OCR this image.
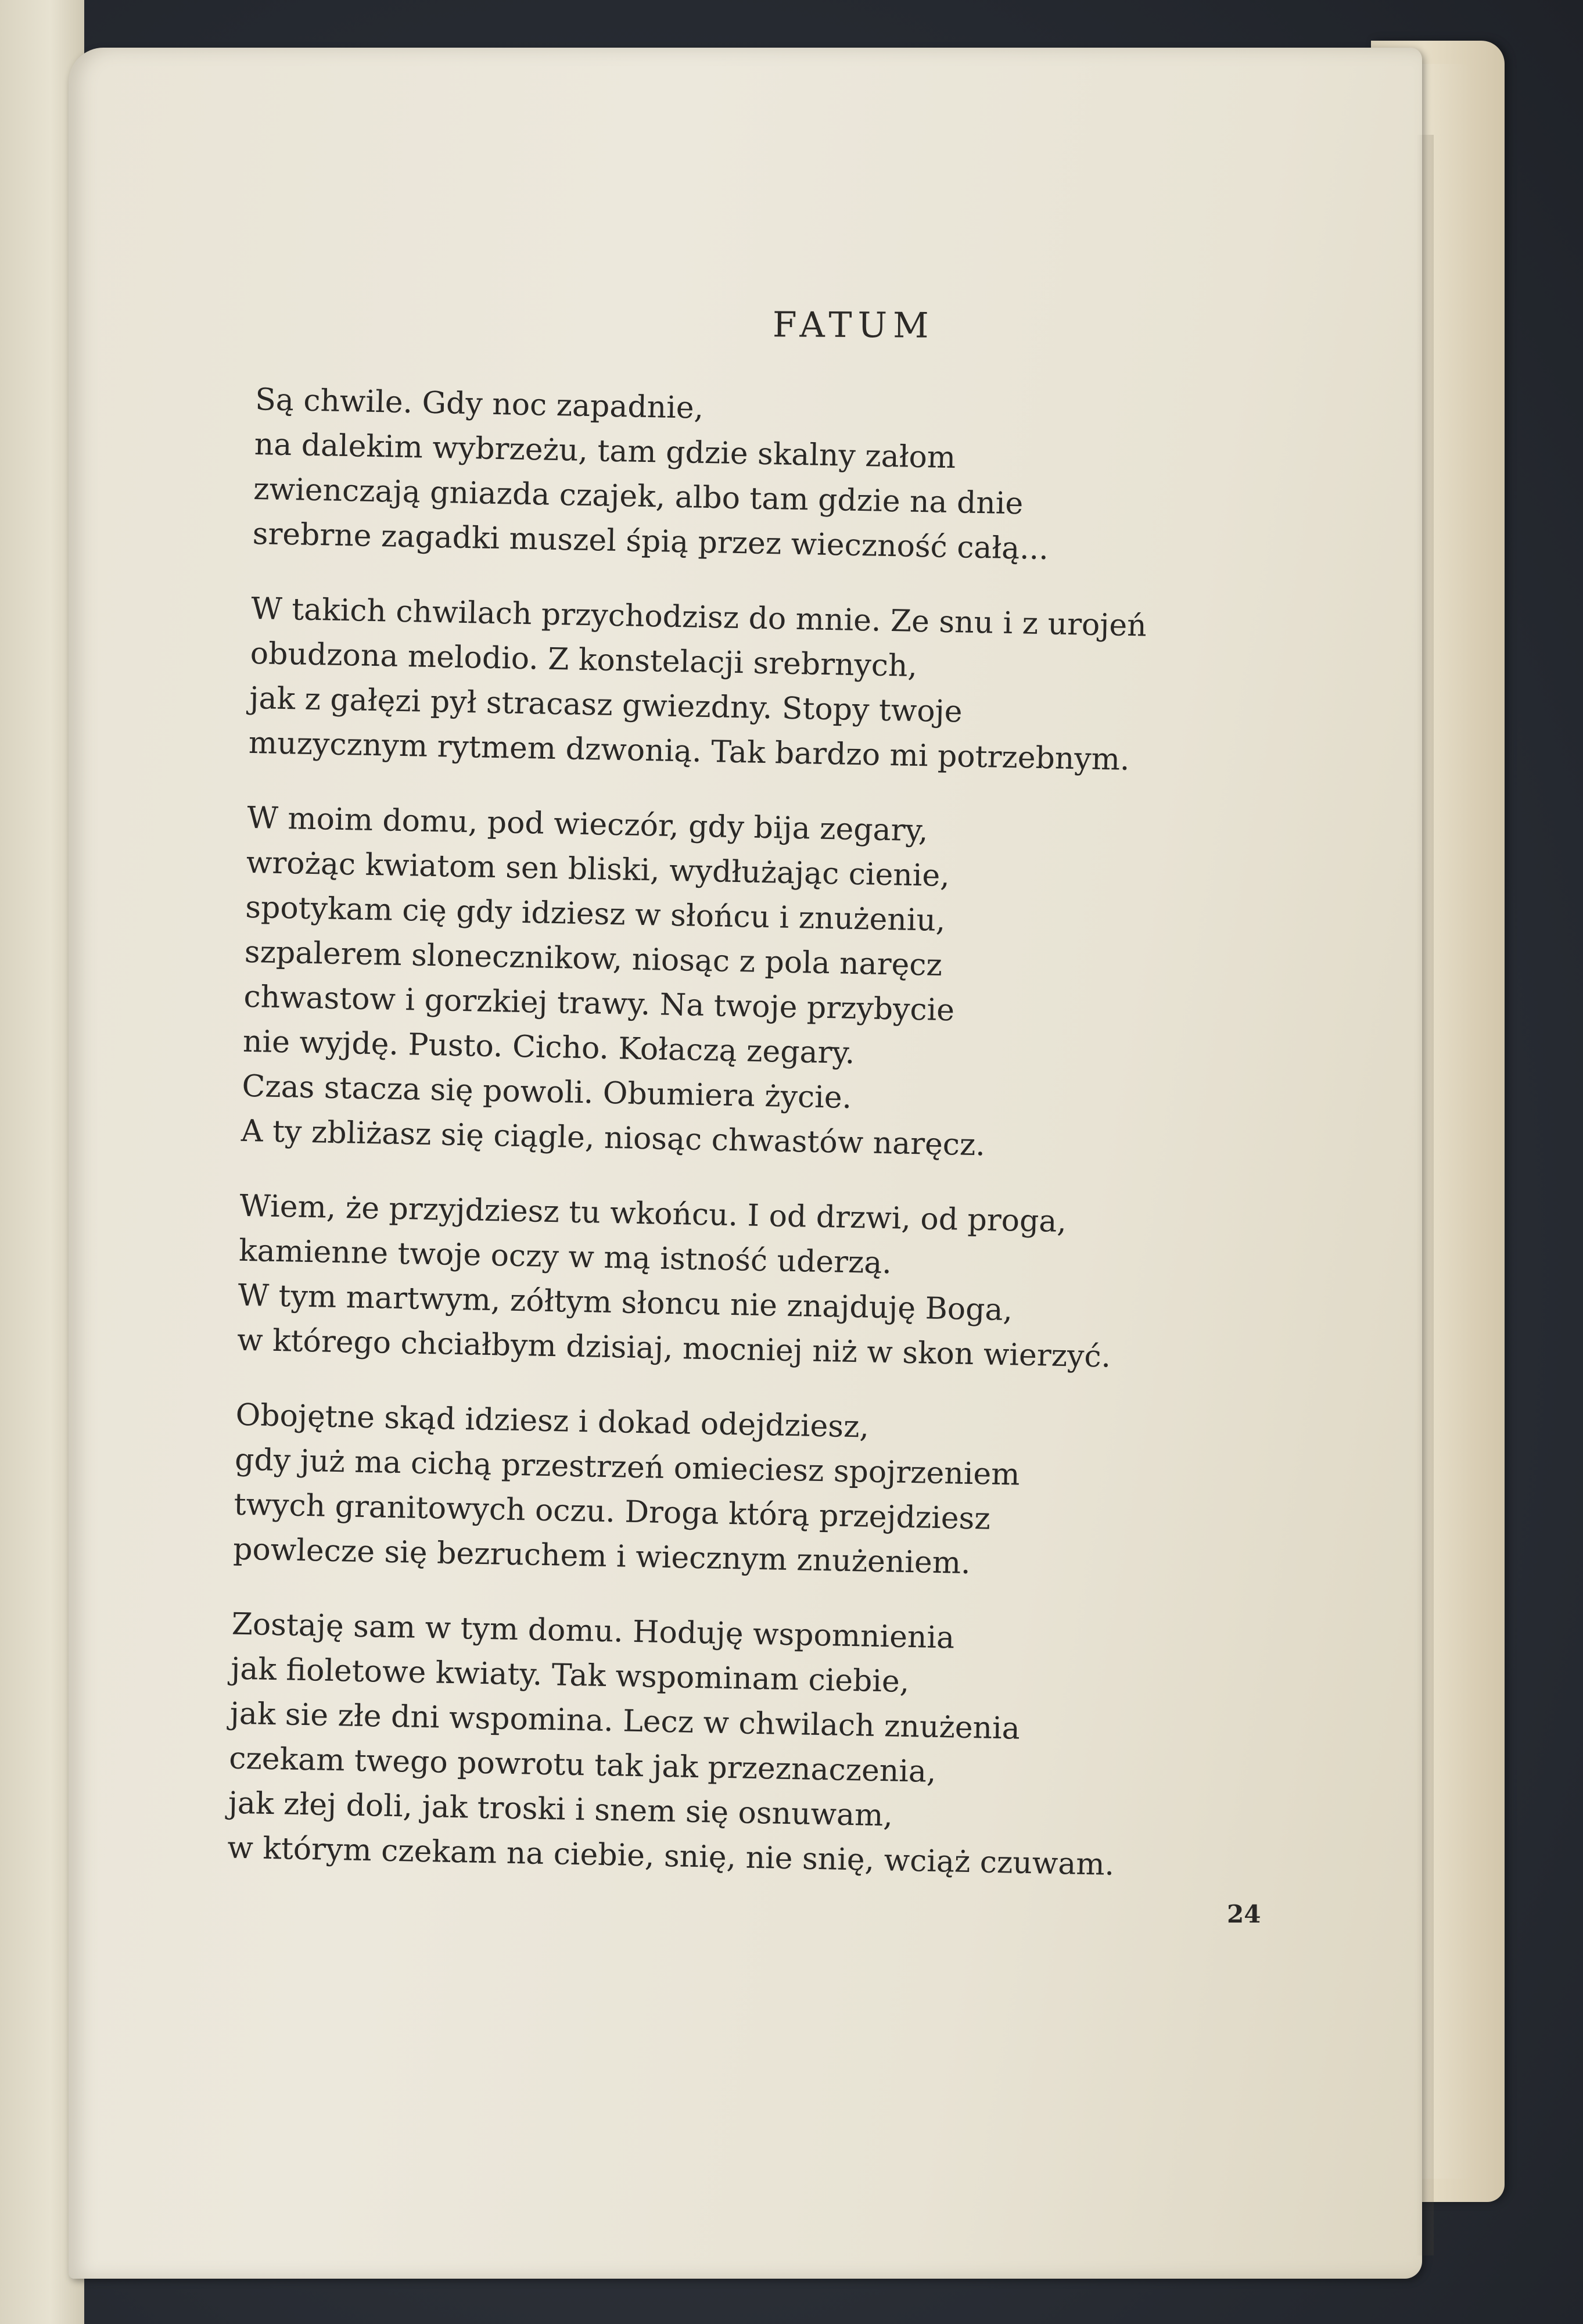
FATUM
Są chwile. Gdy noc zapadnie,
na dalekim wybrzeżu, tam gdzie skalny załom
zwienczają gniazda czajek, albo tam gdzie na dnie
srebrne zagadki muszel śpią przez wieczność całą...
W takich chwilach przychodzisz do mnie. Ze snu i z urojeń
obudzona melodio. Z konstelacji srebrnych,
jak z gałęzi pył stracasz gwiezdny. Stopy twoje
muzycznym rytmem dzwonią. Tak bardzo mi potrzebnym.
W moim domu, pod wieczór, gdy bija zegary,
wrożąc kwiatom sen bliski, wydłużając cienie,
spotykam cię gdy idziesz w słońcu i znużeniu,
szpalerem slonecznikow, niosąc z pola naręcz
chwastow i gorzkiej trawy. Na twoje przybycie
nie wyjdę. Pusto. Cicho. Kołaczą zegary.
Czas stacza się powoli. Obumiera życie.
A ty zbliżasz się ciągle, niosąc chwastów naręcz.
Wiem, że przyjdziesz tu wkońcu. I od drzwi, od proga,
kamienne twoje oczy w mą istność uderzą.
W tym martwym, zółtym słoncu nie znajduję Boga,
w którego chciałbym dzisiaj, mocniej niż w skon wierzyć.
Obojętne skąd idziesz i dokad odejdziesz,
gdy już ma cichą przestrzeń omieciesz spojrzeniem
twych granitowych oczu. Droga którą przejdziesz
powlecze się bezruchem i wiecznym znużeniem.
Zostaję sam w tym domu. Hoduję wspomnienia
jak fioletowe kwiaty. Tak wspominam ciebie,
jak sie złe dni wspomina. Lecz w chwilach znużenia
czekam twego powrotu tak jak przeznaczenia,
jak złej doli, jak troski i snem się osnuwam,
w którym czekam na ciebie, snię, nie snię, wciąż czuwam.
24
